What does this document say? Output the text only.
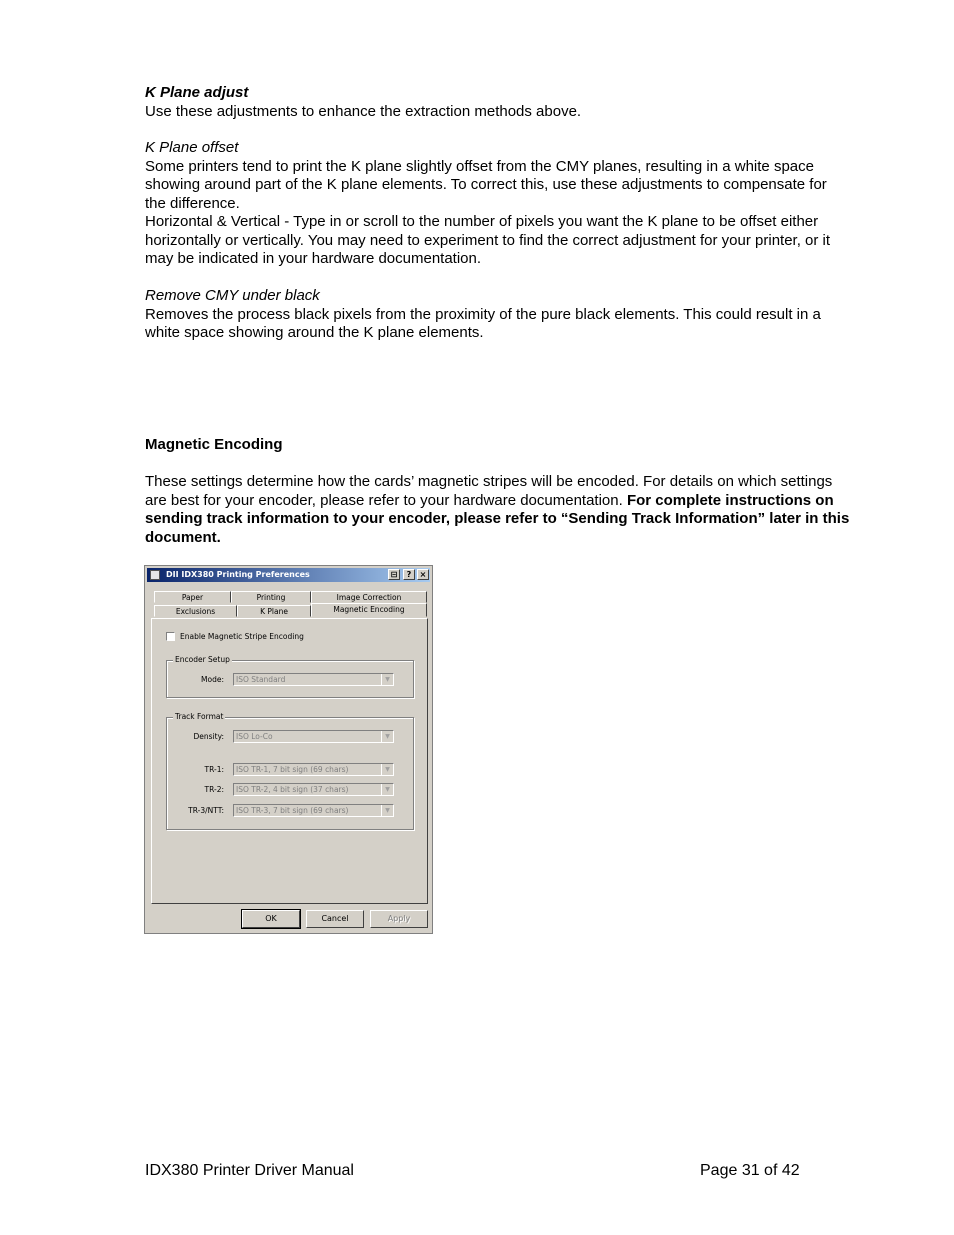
K Plane adjust

Use these adjustments to enhance the extraction methods above.

K Plane offset

Some printers tend to print the K plane slightly offset from the CMY planes, resulting in a white space showing around part of the K plane elements. To correct this, use these adjustments to compensate for the difference.

Horizontal & Vertical - Type in or scroll to the number of pixels you want the K plane to be offset either horizontally or vertically. You may need to experiment to find the correct adjustment for your printer, or it may be indicated in your hardware documentation.

Remove CMY under black

Removes the process black pixels from the proximity of the pure black elements. This could result in a white space showing around the K plane elements.

Magnetic Encoding

These settings determine how the cards’ magnetic stripes will be encoded. For details on which settings are best for your encoder, please refer to your hardware documentation. For complete instructions on sending track information to your encoder, please refer to “Sending Track Information” later in this document.

DII IDX380 Printing Preferences	⊟	?	×
Paper	Printing	Image Correction
Exclusions	K Plane	Magnetic Encoding
Enable Magnetic Stripe Encoding
Encoder Setup
Mode:	ISO Standard	▼
Track Format
Density:	ISO Lo-Co	▼
TR-1:	ISO TR-1, 7 bit sign (69 chars)	▼
TR-2:	ISO TR-2, 4 bit sign (37 chars)	▼
TR-3/NTT:	ISO TR-3, 7 bit sign (69 chars)	▼
OK	Cancel	Apply
IDX380 Printer Driver Manual	Page 31 of 42
